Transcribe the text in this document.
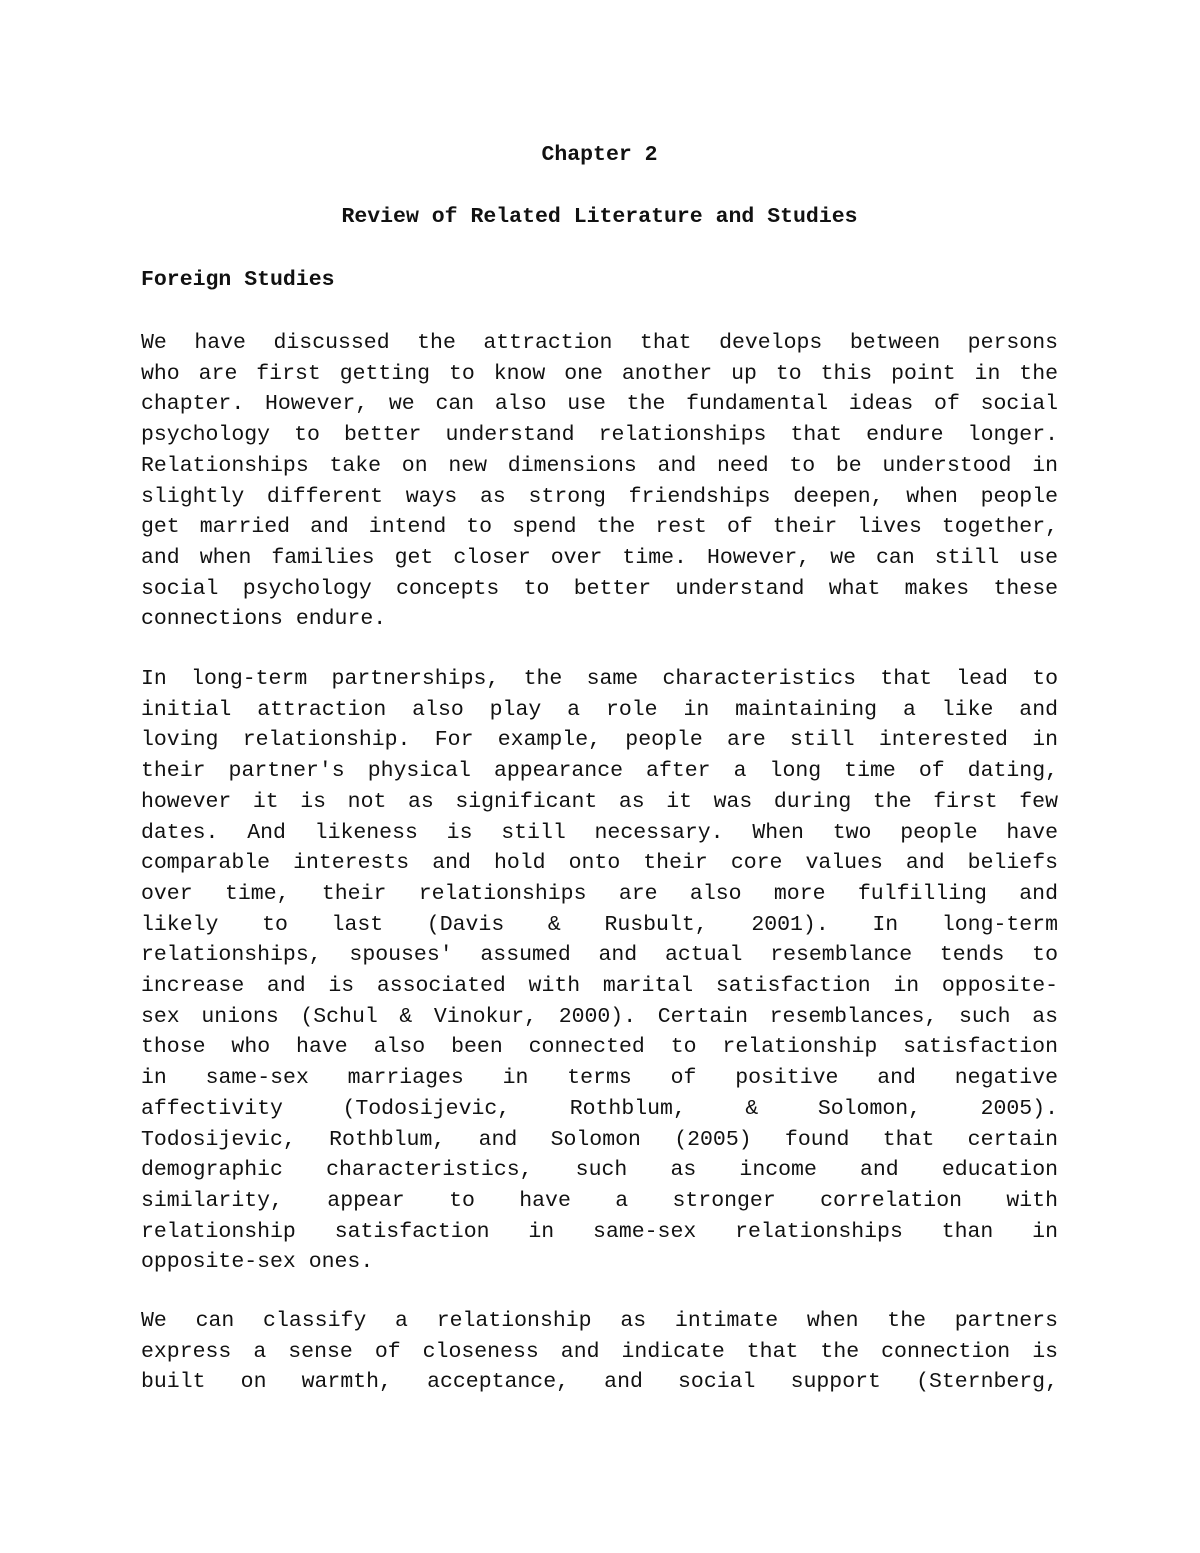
Chapter 2
Review of Related Literature and Studies
Foreign Studies
We have discussed the attraction that develops between persons
who are first getting to know one another up to this point in the
chapter. However, we can also use the fundamental ideas of social
psychology to better understand relationships that endure longer.
Relationships take on new dimensions and need to be understood in
slightly different ways as strong friendships deepen, when people
get married and intend to spend the rest of their lives together,
and when families get closer over time. However, we can still use
social psychology concepts to better understand what makes these
connections endure.
In long-term partnerships, the same characteristics that lead to
initial attraction also play a role in maintaining a like and
loving relationship. For example, people are still interested in
their partner's physical appearance after a long time of dating,
however it is not as significant as it was during the first few
dates. And likeness is still necessary. When two people have
comparable interests and hold onto their core values and beliefs
over time, their relationships are also more fulfilling and
likely to last (Davis & Rusbult, 2001). In long-term
relationships, spouses' assumed and actual resemblance tends to
increase and is associated with marital satisfaction in opposite-
sex unions (Schul & Vinokur, 2000). Certain resemblances, such as
those who have also been connected to relationship satisfaction
in same-sex marriages in terms of positive and negative
affectivity (Todosijevic, Rothblum, & Solomon, 2005).
Todosijevic, Rothblum, and Solomon (2005) found that certain
demographic characteristics, such as income and education
similarity, appear to have a stronger correlation with
relationship satisfaction in same-sex relationships than in
opposite-sex ones.
We can classify a relationship as intimate when the partners
express a sense of closeness and indicate that the connection is
built on warmth, acceptance, and social support (Sternberg,
